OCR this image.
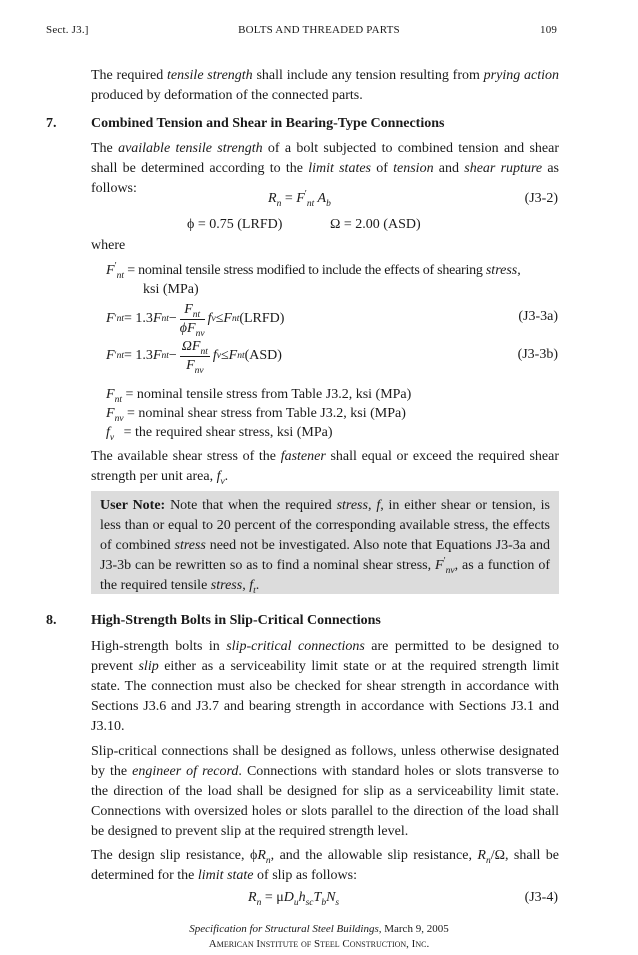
Sect. J3.]	BOLTS AND THREADED PARTS	109

The required tensile strength shall include any tension resulting from prying action produced by deformation of the connected parts.

7. Combined Tension and Shear in Bearing-Type Connections

The available tensile strength of a bolt subjected to combined tension and shear shall be determined according to the limit states of tension and shear rupture as follows:

$R_n = F'_{nt}$ $A_b$	(J3-2)
ϕ = 0.75 (LRFD)	Ω = 2.00 (ASD)
where
$F'_{nt}$ = nominal tensile stress modified to include the effects of shearing stress,
ksi (MPa)
F ′ nt = 1.3 F nt − $\frac{F_{nt}}{\phi F_{nv}}$ f v ≤ F nt (LRFD)	(J3-3a)
F ′ nt = 1.3 F nt − $\frac{\Omega F_{nt}}{F_{nv}}$ f v ≤ F nt (ASD)	(J3-3b)
$F_{nt}$ = nominal tensile stress from Table J3.2, ksi (MPa)
$F_{nv}$ = nominal shear stress from Table J3.2, ksi (MPa)
$f_v$ = the required shear stress, ksi (MPa)

The available shear stress of the fastener shall equal or exceed the required shear strength per unit area, $f_v$.

User Note: Note that when the required stress, f, in either shear or tension, is less than or equal to 20 percent of the corresponding available stress, the effects of combined stress need not be investigated. Also note that Equations J3-3a and J3-3b can be rewritten so as to find a nominal shear stress, $F'_{nv}$, as a function of the required tensile stress, $f_t$.

8. High-Strength Bolts in Slip-Critical Connections

High-strength bolts in slip-critical connections are permitted to be designed to prevent slip either as a serviceability limit state or at the required strength limit state. The connection must also be checked for shear strength in accordance with Sections J3.6 and J3.7 and bearing strength in accordance with Sections J3.1 and J3.10.

Slip-critical connections shall be designed as follows, unless otherwise designated by the engineer of record. Connections with standard holes or slots transverse to the direction of the load shall be designed for slip as a serviceability limit state. Connections with oversized holes or slots parallel to the direction of the load shall be designed to prevent slip at the required strength level.

The design slip resistance, $\phi R_n$, and the allowable slip resistance, $R_n/\Omega$, shall be determined for the limit state of slip as follows:

$R_n = \mu D_uh_{sc}T_bN_s$	(J3-4)
Specification for Structural Steel Buildings, March 9, 2005
American Institute of Steel Construction, Inc.
